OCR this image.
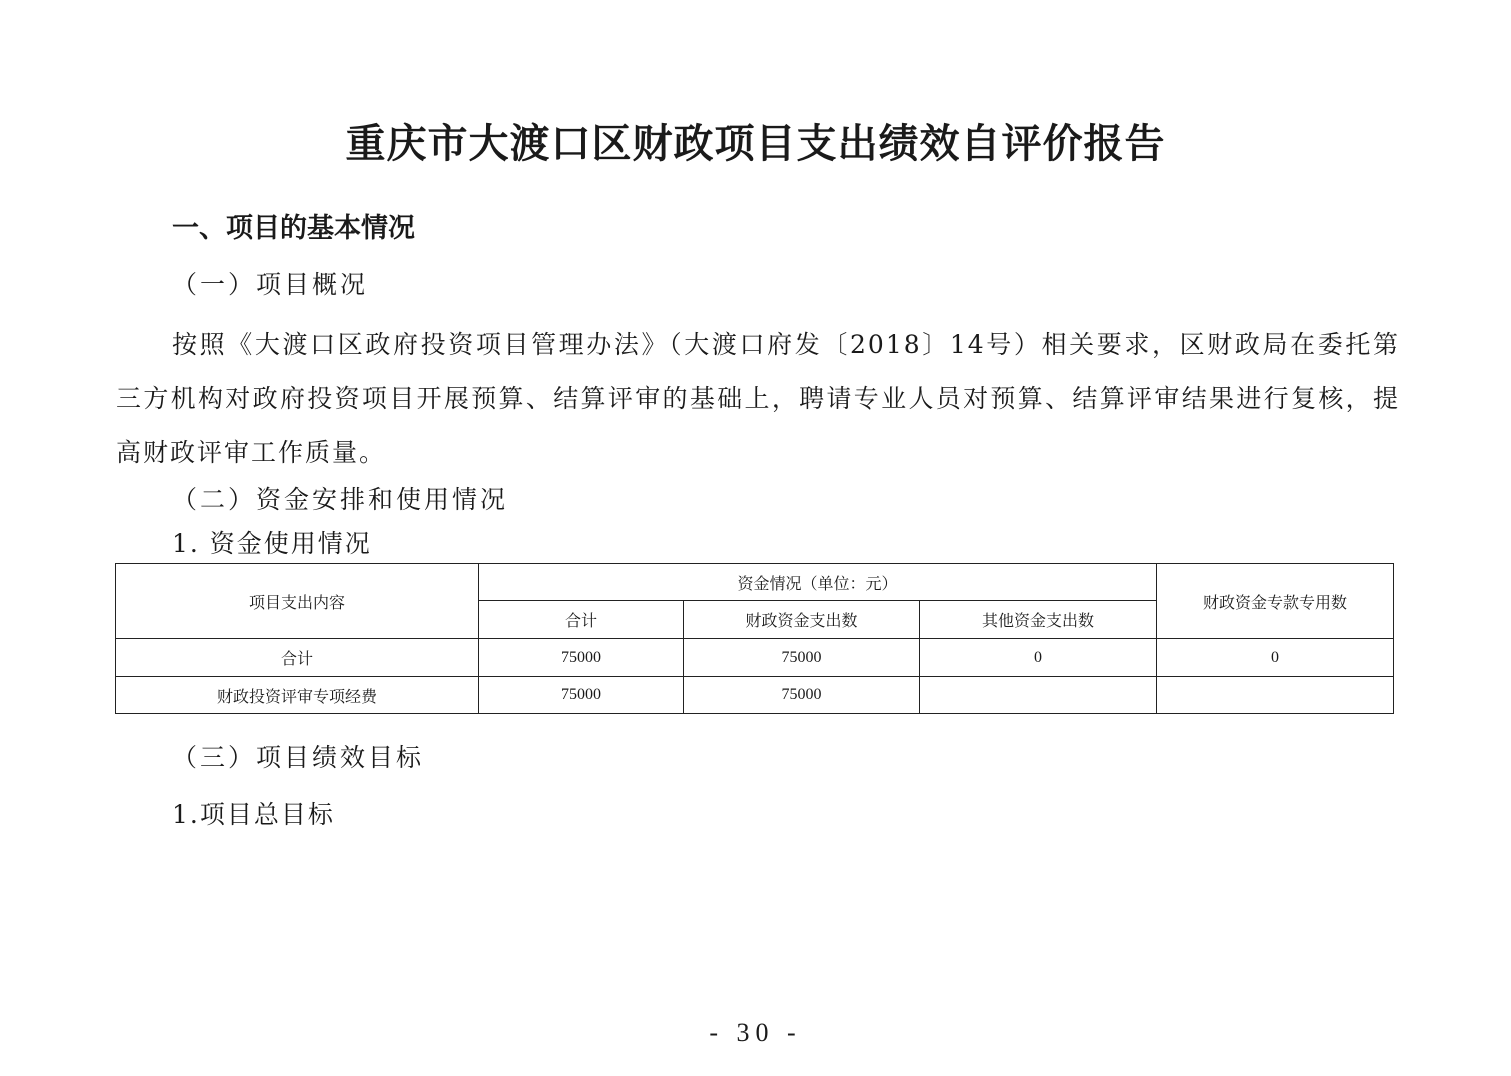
重庆市大渡口区财政项目支出绩效自评价报告
一、项目的基本情况
（一）项目概况
按照《大渡口区政府投资项目管理办法》（大渡口府发〔2018〕14号）相关要求，区财政局在委托第三方机构对政府投资项目开展预算、结算评审的基础上，聘请专业人员对预算、结算评审结果进行复核，提高财政评审工作质量。
（二）资金安排和使用情况
1. 资金使用情况
项目支出内容	资金情况（单位：元）			财政资金专款专用数
	合计	财政资金支出数	其他资金支出数	
合计	75000	75000	0	0
财政投资评审专项经费	75000	75000		
（三）项目绩效目标
1.项目总目标
- 30 -
